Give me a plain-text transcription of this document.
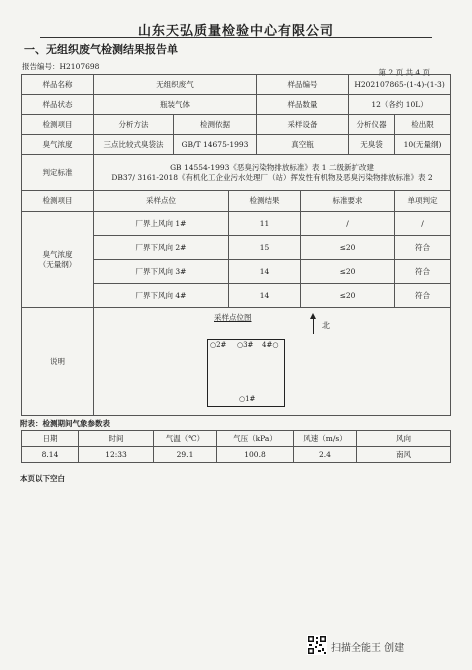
山东天弘质量检验中心有限公司
一、无组织废气检测结果报告单
报告编号：H2107698
第 2 页 共 4 页
样品名称	无组织废气			样品编号		H202107865-(1-4)-(1-3)	
样品状态	瓶装气体			样品数量		12（各约 10L）	
检测项目	分析方法	检测依据		采样设备		分析仪器	检出限
臭气浓度	三点比较式臭袋法	GB/T 14675-1993		真空瓶		无臭袋	10(无量纲)
判定标准	GB 14554-1993《恶臭污染物排放标准》表 1 二级新扩改建
DB37/ 3161-2018《有机化工企业污水处理厂（站）挥发性有机物及恶臭污染物排放标准》表 2						

检测项目	采样点位		检测结果		标准要求		单项判定

臭气浓度
（无量纲）	厂界上风向 1#		11		/		/
	厂界下风向 2#		15		≤20		符合
	厂界下风向 3#		14		≤20		符合
	厂界下风向 4#		14		≤20		符合
说明							
采样点位图
北
○2# ○3# 4#○
○1#
附表：检测期间气象参数表
日期	时间	气温（℃）	气压（kPa）	风速（m/s）	风向
8.14	12:33	29.1	100.8	2.4	南风
本页以下空白
扫描全能王 创建
